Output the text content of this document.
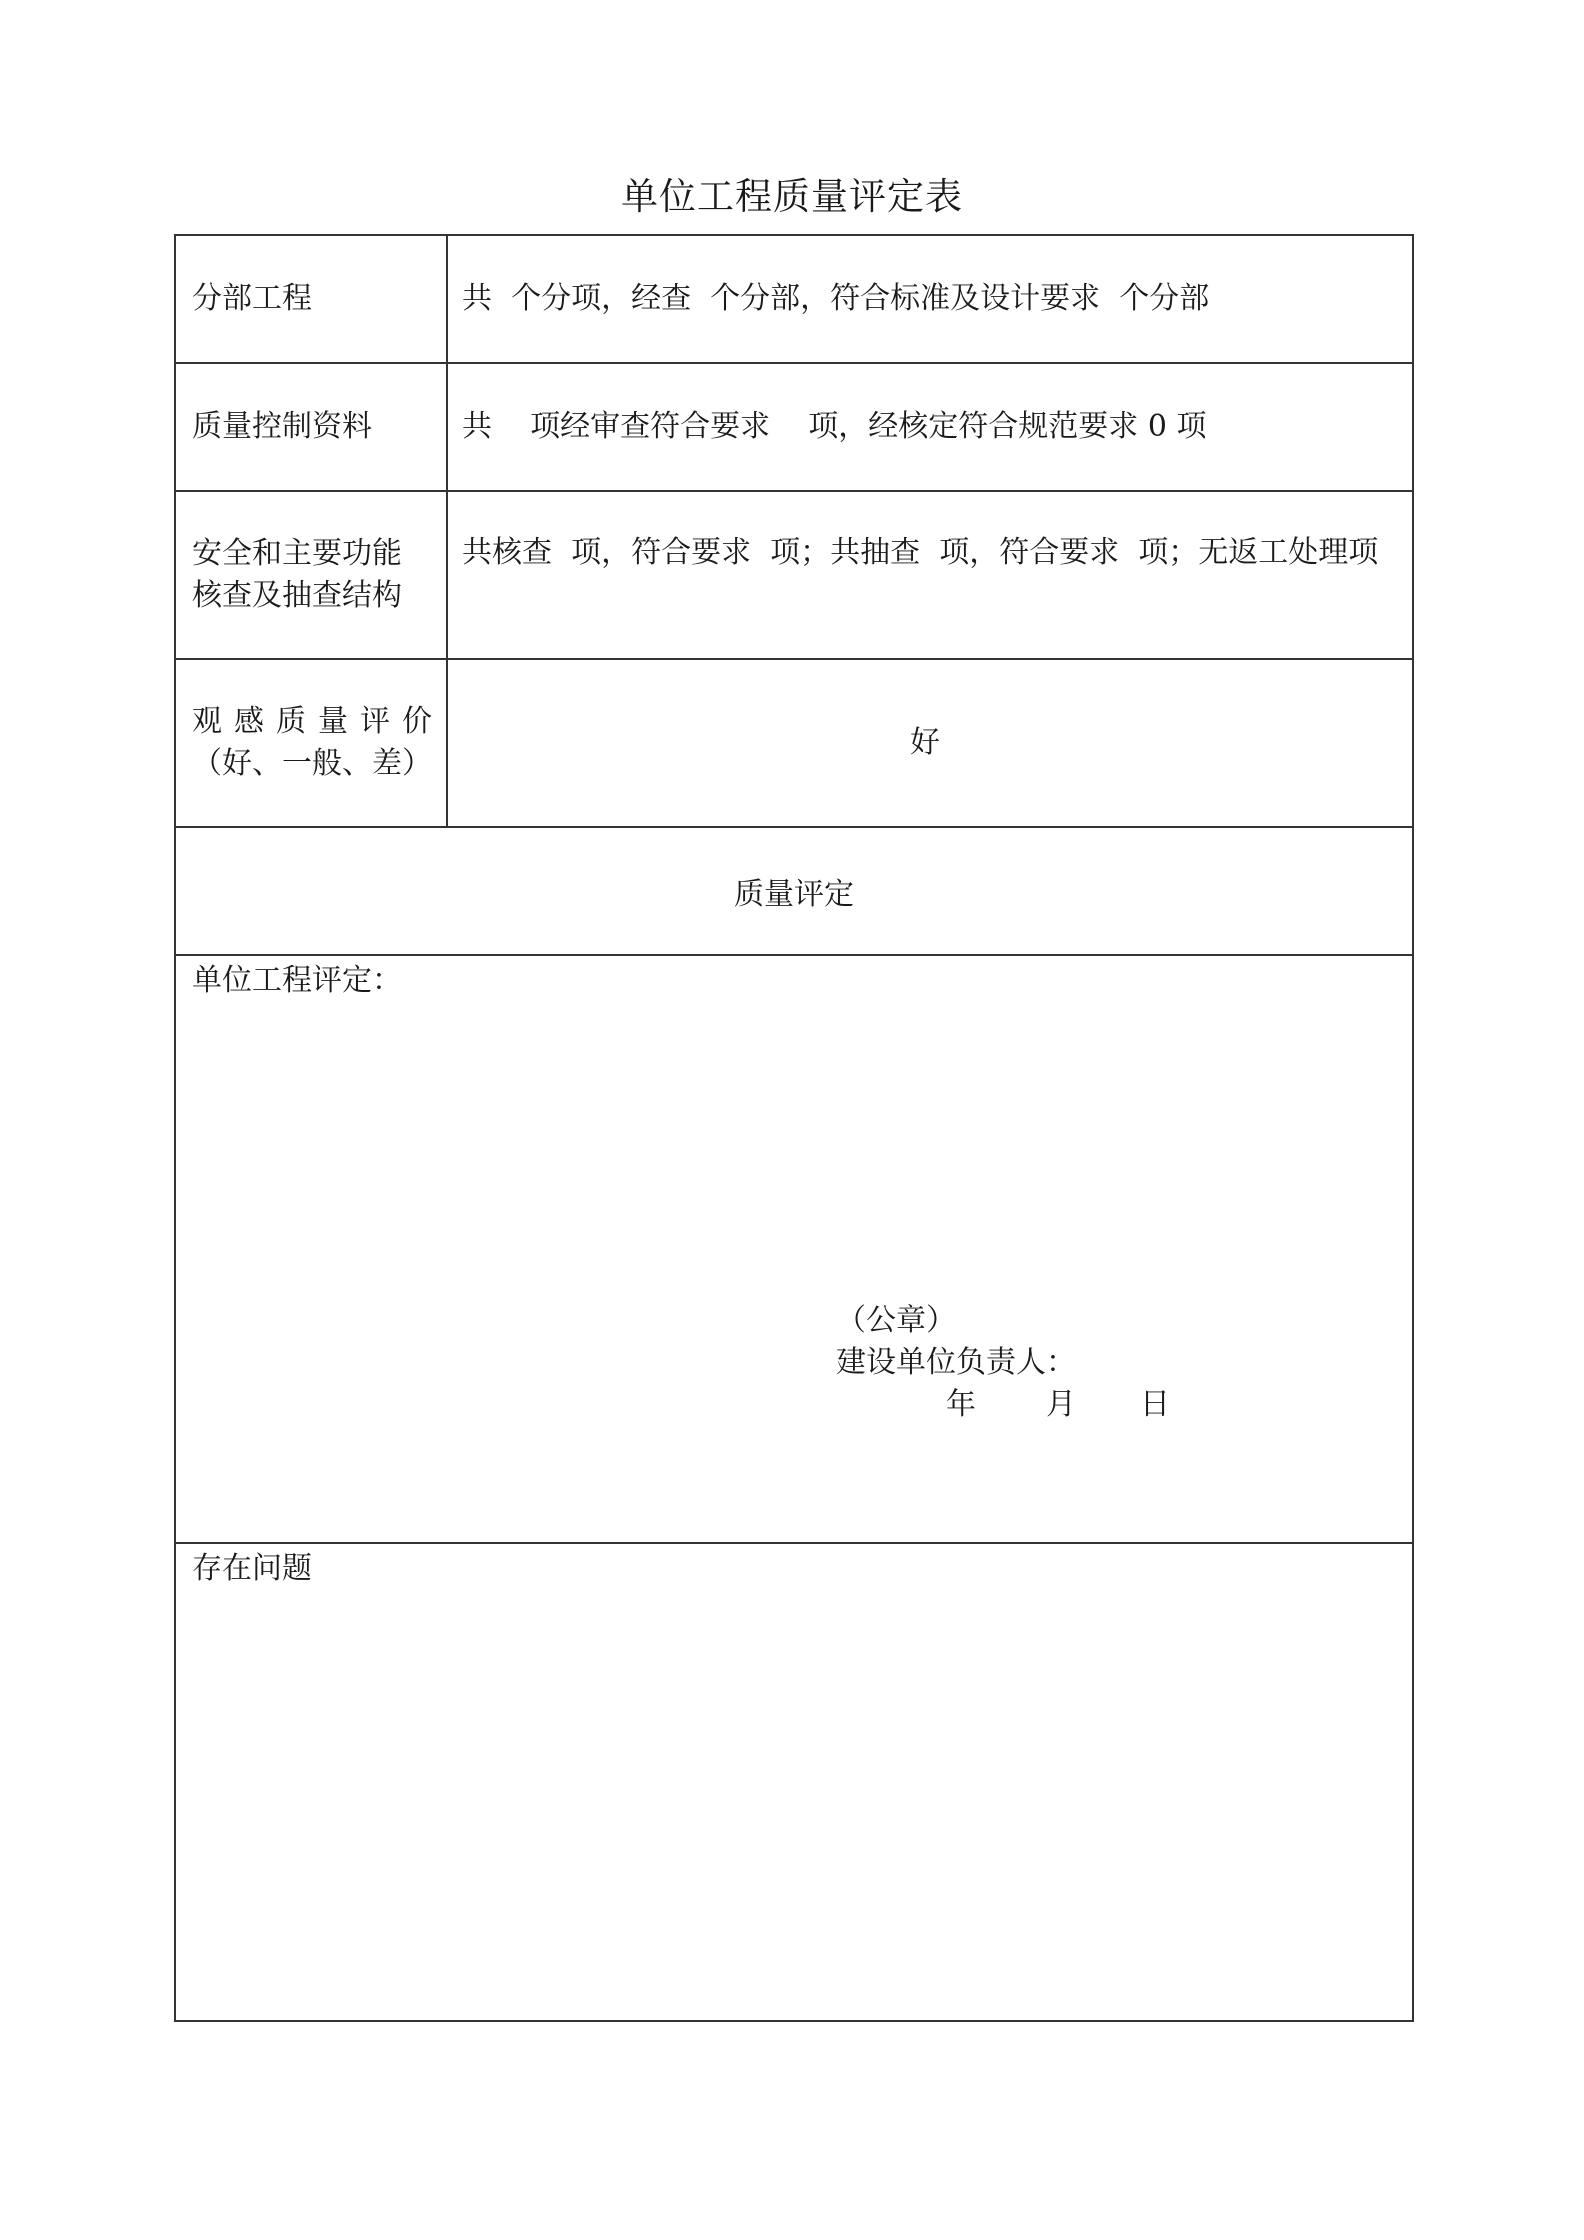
单位工程质量评定表
分部工程	共  个分项，经查  个分部，符合标准及设计要求  个分部
质量控制资料	共    项经审查符合要求    项，经核定符合规范要求 0 项
安全和主要功能
核查及抽查结构

共核查  项，符合要求  项；共抽查  项，符合要求  项；无返工处理项

观 感 质 量 评 价
（好、一般、差）
好
质量评定
单位工程评定：
（公章）
建设单位负责人：
年 月 日
存在问题
